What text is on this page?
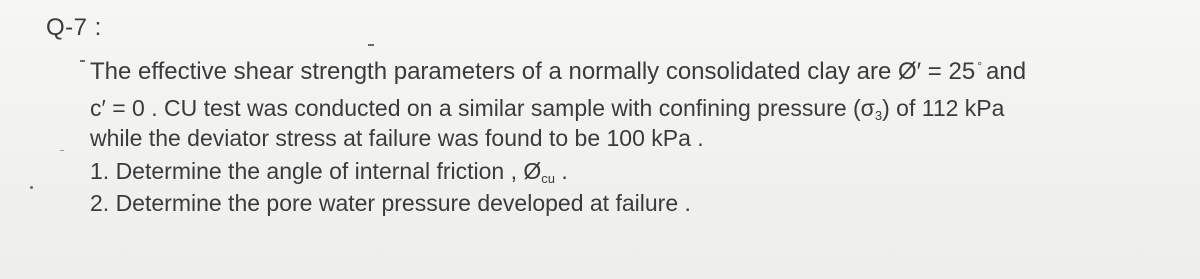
Q-7 :
The effective shear strength parameters of a normally consolidated clay are Ø′ = 25 ° and
c′ = 0 . CU test was conducted on a similar sample with confining pressure $(\sigma_3)$ of 112 kPa
while the deviator stress at failure was found to be 100 kPa .
1. Determine the angle of internal friction , $Ø_{cu}$ .
2. Determine the pore water pressure developed at failure .
